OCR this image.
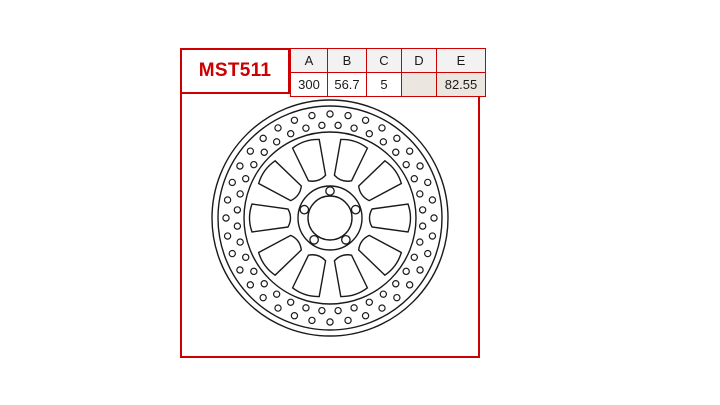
MST511	A	B	C	D	E
300	56.7	5		82.55
